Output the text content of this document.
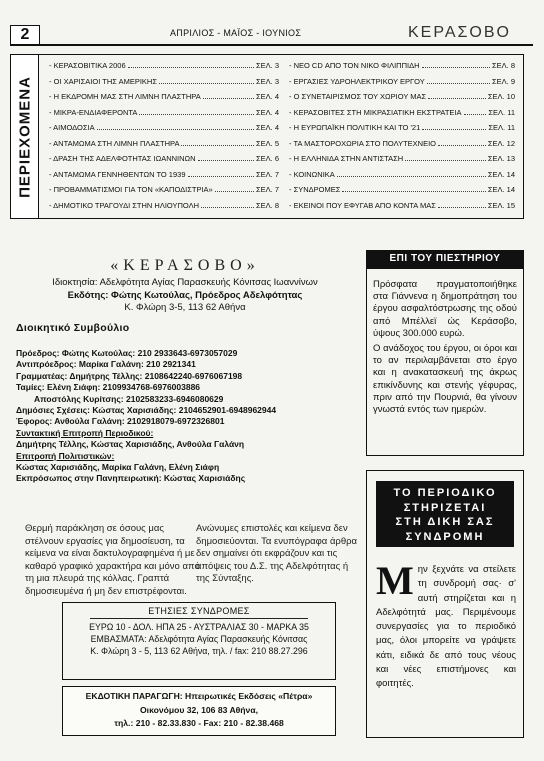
2	ΑΠΡΙΛΙΟΣ - ΜΑΪΟΣ - ΙΟΥΝΙΟΣ	ΚΕΡΑΣΟΒΟ
ΠΕΡΙΕΧΟΜΕΝΑ
- ΚΕΡΑΣΟΒΙΤΙΚΑ 2006	ΣΕΛ. 3
- ΟΙ ΧΑΡΙΣΑΙΟΙ ΤΗΣ ΑΜΕΡΙΚΗΣ	ΣΕΛ. 3
- Η ΕΚΔΡΟΜΗ ΜΑΣ ΣΤΗ ΛΙΜΝΗ ΠΛΑΣΤΗΡΑ	ΣΕΛ. 4
- ΜΙΚΡΑ-ΕΝΔΙΑΦΕΡΟΝΤΑ	ΣΕΛ. 4
- ΑΙΜΟΔΟΣΙΑ	ΣΕΛ. 4
- ΑΝΤΑΜΩΜΑ ΣΤΗ ΛΙΜΝΗ ΠΛΑΣΤΗΡΑ	ΣΕΛ. 5
- ΔΡΑΣΗ ΤΗΣ ΑΔΕΛΦΟΤΗΤΑΣ ΙΩΑΝΝΙΝΩΝ	ΣΕΛ. 6
- ΑΝΤΑΜΩΜΑ ΓΕΝΝΗΘΕΝΤΩΝ ΤΟ 1939	ΣΕΛ. 7
- ΠΡΟΒΑΜΜΑΤΙΣΜΟΙ ΓΙΑ ΤΟΝ «ΚΑΠΟΔΙΣΤΡΙΑ»	ΣΕΛ. 7
- ΔΗΜΟΤΙΚΟ ΤΡΑΓΟΥΔΙ ΣΤΗΝ ΗΛΙΟΥΠΟΛΗ	ΣΕΛ. 8
- NEO CD ΑΠΟ ΤΟΝ ΝΙΚΟ ΦΙΛΙΠΠΙΔΗ	ΣΕΛ. 8
- ΕΡΓΑΣΙΕΣ ΥΔΡΟΗΛΕΚΤΡΙΚΟΥ ΕΡΓΟΥ	ΣΕΛ. 9
- Ο ΣΥΝΕΤΑΙΡΙΣΜΟΣ ΤΟΥ ΧΩΡΙΟΥ ΜΑΣ	ΣΕΛ. 10
- ΚΕΡΑΣΟΒΙΤΕΣ ΣΤΗ ΜΙΚΡΑΣΙΑΤΙΚΗ ΕΚΣΤΡΑΤΕΙΑ	ΣΕΛ. 11
- Η ΕΥΡΩΠΑΪΚΗ ΠΟΛΙΤΙΚΗ ΚΑΙ ΤΟ '21	ΣΕΛ. 11
- ΤΑ ΜΑΣΤΟΡΟΧΩΡΙΑ ΣΤΟ ΠΟΛΥΤΕΧΝΕΙΟ	ΣΕΛ. 12
- Η ΕΛΛΗΝΙΔΑ ΣΤΗΝ ΑΝΤΙΣΤΑΣΗ	ΣΕΛ. 13
- ΚΟΙΝΩΝΙΚΑ	ΣΕΛ. 14
- ΣΥΝΔΡΟΜΕΣ	ΣΕΛ. 14
- ΕΚΕΙΝΟΙ ΠΟΥ ΕΦΥΓΑΒ ΑΠΟ ΚΟΝΤΑ ΜΑΣ	ΣΕΛ. 15
«ΚΕΡΑΣΟΒΟ»
Ιδιοκτησία: Αδελφότητα Αγίας Παρασκευής Κόνιτσας Ιωαννίνων
Εκδότης: Φώτης Κωτούλας, Πρόεδρος Αδελφότητας
Κ. Φλώρη 3-5, 113 62 Αθήνα
Διοικητικό Συμβούλιο
Πρόεδρος: Φώτης Κωτούλας: 210 2933643-6973057029
Αντιπρόεδρος: Μαρίκα Γαλάνη: 210 2921341
Γραμματέας: Δημήτρης Τέλλης: 2108642240-6976067198
Ταμίες: Ελένη Σιάφη: 2109934768-6976003886
Αποστόλης Κυρίτσης: 2102583233-6946080629
Δημόσιες Σχέσεις: Κώστας Χαρισιάδης: 2104652901-6948962944
Έφορος: Ανθούλα Γαλάνη: 2102918079-6972326801
Συντακτική Επιτροπή Περιοδικού:
Δημήτρης Τέλλης, Κώστας Χαρισιάδης, Ανθούλα Γαλάνη
Επιτροπή Πολιτιστικών:
Κώστας Χαρισιάδης, Μαρίκα Γαλάνη, Ελένη Σιάφη
Εκπρόσωπος στην Πανηπειρωτική: Κώστας Χαρισιάδης
Θερμή παράκληση σε όσους μας στέλνουν εργασίες για δημοσίευση, τα κείμενα να είναι δακτυλογραφημένα ή με καθαρό γραφικό χαρακτήρα και μόνο από τη μια πλευρά της κόλλας. Γραπτά δημοσιευμένα ή μη δεν επιστρέφονται.
Ανώνυμες επιστολές και κείμενα δεν δημοσιεύονται. Τα ενυπόγραφα άρθρα δεν σημαίνει ότι εκφράζουν και τις απόψεις του Δ.Σ. της Αδελφότητας ή της Σύνταξης.
ΕΤΗΣΙΕΣ ΣΥΝΔΡΟΜΕΣ
ΕΥΡΩ 10 - ΔΟΛ. ΗΠΑ 25 - ΑΥΣΤΡΑΛΙΑΣ 30 - ΜΑΡΚΑ 35
ΕΜΒΑΣΜΑΤΑ: Αδελφότητα Αγίας Παρασκευής Κόνιτσας
Κ. Φλώρη 3 - 5, 113 62 Αθήνα, τηλ. / fax: 210 88.27.296
ΕΚΔΟΤΙΚΗ ΠΑΡΑΓΩΓΗ: Ηπειρωτικές Εκδόσεις «Πέτρα»
Οικονόμου 32, 106 83 Αθήνα,
τηλ.: 210 - 82.33.830 - Fax: 210 - 82.38.468
ΕΠΙ ΤΟΥ ΠΙΕΣΤΗΡΙΟΥ

Πρόσφατα πραγματοποιήθηκε στα Γιάννενα η δημοπράτηση του έργου ασφαλτόστρωσης της οδού από Μπέλλεϊ ώς Κεράσοβο, ύψους 300.000 ευρώ.

Ο ανάδοχος του έργου, οι όροι και το αν περιλαμβάνεται στο έργο και η ανακατασκευή της άκρως επικίνδυνης και στενής γέφυρας, πριν από την Πουρνιά, θα γίνουν γνωστά εντός των ημερών.

ΤΟ ΠΕΡΙΟΔΙΚΟ
ΣΤΗΡΙΖΕΤΑΙ
ΣΤΗ ΔΙΚΗ ΣΑΣ
ΣΥΝΔΡΟΜΗ
Μ ην ξεχνάτε να στείλετε τη συνδρομή σας· σ' αυτή στηρίζεται και η Αδελφότητά μας. Περιμένουμε συνεργασίες για το περιοδικό μας, όλοι μπορείτε να γράψετε κάτι, ειδικά δε από τους νέους και νέες επιστήμονες και φοιτητές.
